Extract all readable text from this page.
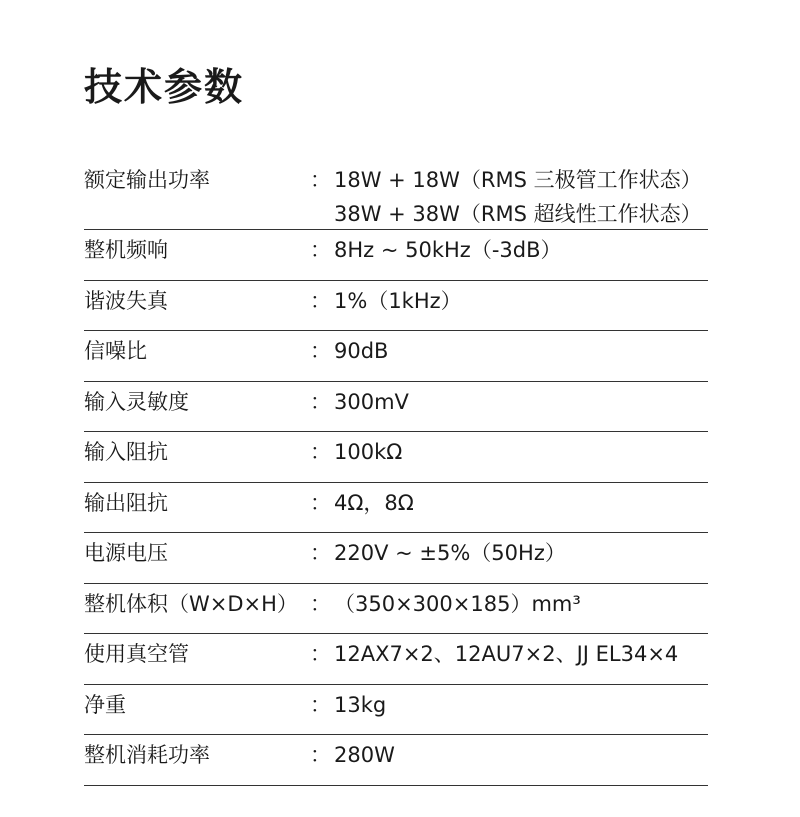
技术参数
额定输出功率	： 18W + 18W（RMS 三极管工作状态）
38W + 38W（RMS 超线性工作状态）
整机频响	： 8Hz ~ 50kHz（-3dB）
谐波失真	： 1%（1kHz）
信噪比	： 90dB
输入灵敏度	： 300mV
输入阻抗	： 100kΩ
输出阻抗	： 4Ω，8Ω
电源电压	： 220V ~ ±5%（50Hz）
整机体积（W×D×H） ： （350×300×185）mm³
使用真空管	： 12AX7×2、12AU7×2、JJ EL34×4
净重	： 13kg
整机消耗功率	： 280W
